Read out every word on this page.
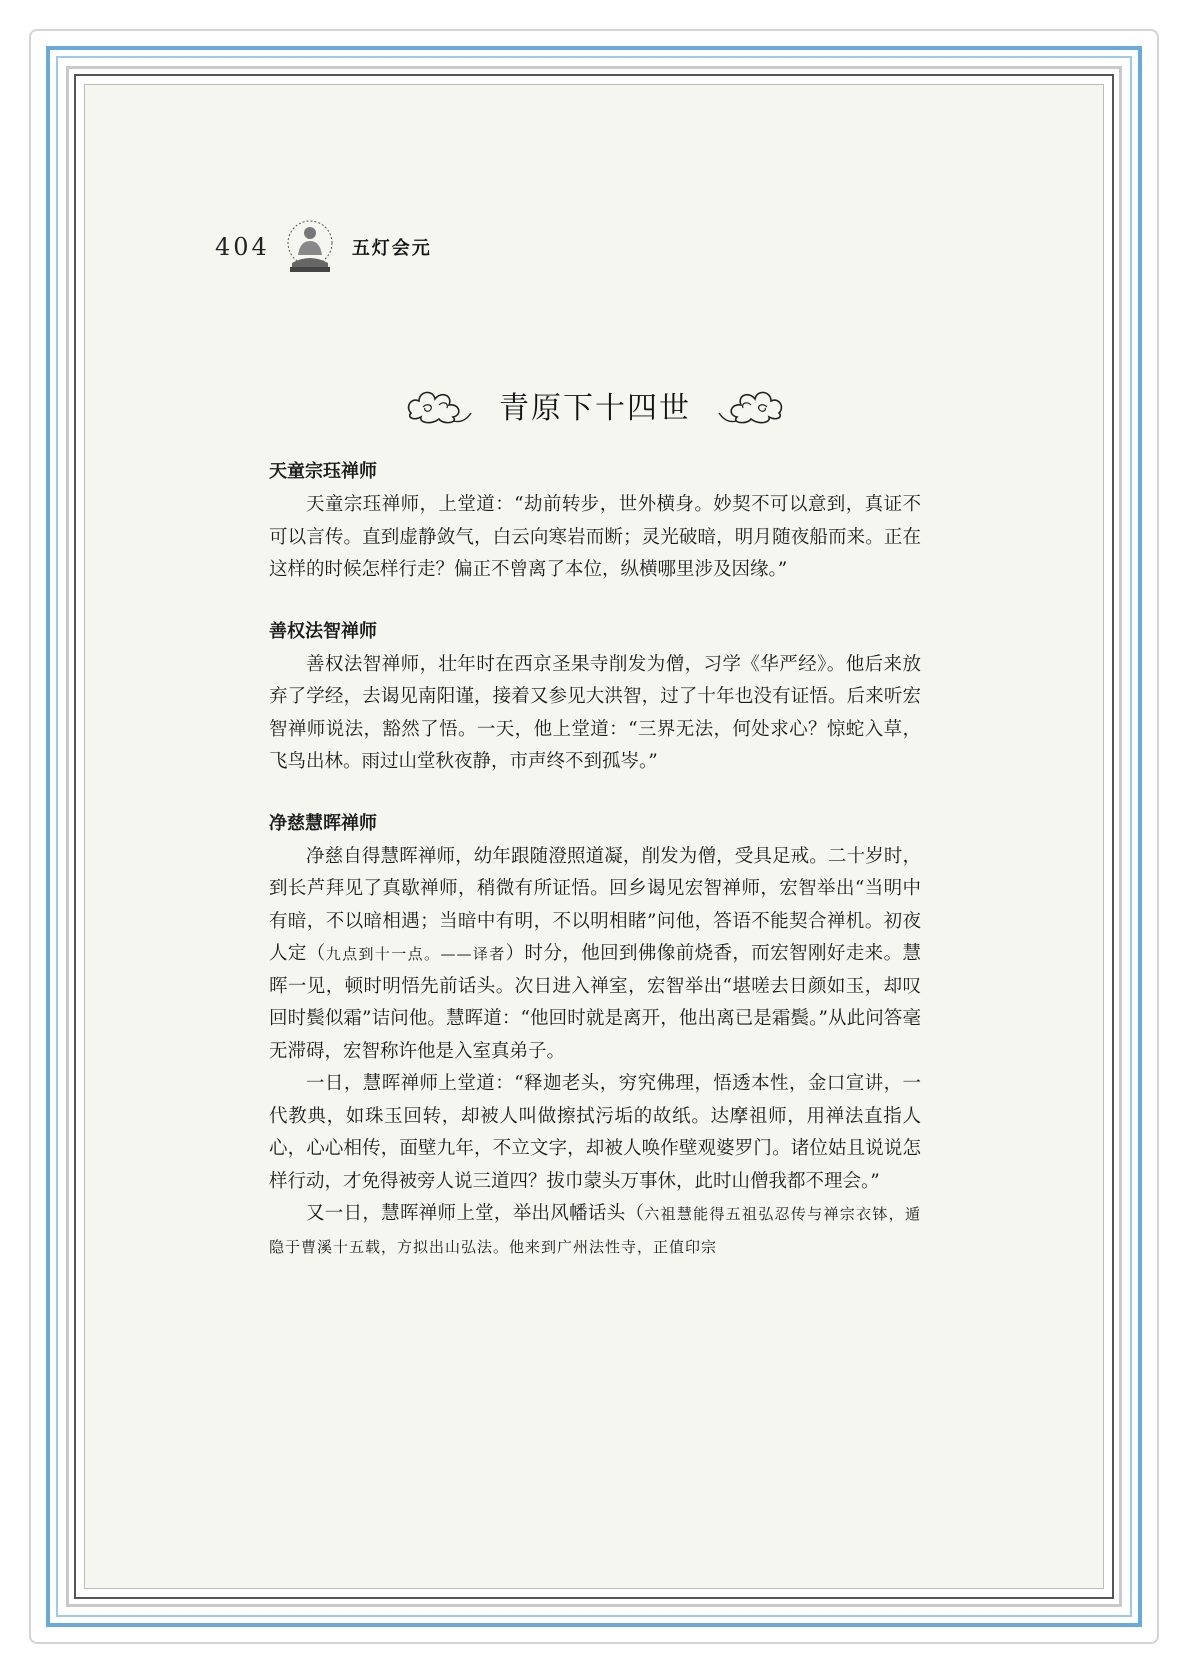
404	五灯会元
青原下十四世

天童宗珏禅师

天童宗珏禅师，上堂道：“劫前转步，世外横身。妙契不可以意到，真证不可以言传。直到虚静敛气，白云向寒岩而断；灵光破暗，明月随夜船而来。正在这样的时候怎样行走？偏正不曾离了本位，纵横哪里涉及因缘。”

善权法智禅师

善权法智禅师，壮年时在西京圣果寺削发为僧，习学《华严经》。他后来放弃了学经，去谒见南阳谨，接着又参见大洪智，过了十年也没有证悟。后来听宏智禅师说法，豁然了悟。一天，他上堂道：“三界无法，何处求心？惊蛇入草，飞鸟出林。雨过山堂秋夜静，市声终不到孤岑。”

净慈慧晖禅师

净慈自得慧晖禅师，幼年跟随澄照道凝，削发为僧，受具足戒。二十岁时，到长芦拜见了真歇禅师，稍微有所证悟。回乡谒见宏智禅师，宏智举出“当明中有暗，不以暗相遇；当暗中有明，不以明相睹”问他，答语不能契合禅机。初夜人定（九点到十一点。——译者）时分，他回到佛像前烧香，而宏智刚好走来。慧晖一见，顿时明悟先前话头。次日进入禅室，宏智举出“堪嗟去日颜如玉，却叹回时鬓似霜”诘问他。慧晖道：“他回时就是离开，他出离已是霜鬓。”从此问答毫无滞碍，宏智称许他是入室真弟子。

一日，慧晖禅师上堂道：“释迦老头，穷究佛理，悟透本性，金口宣讲，一代教典，如珠玉回转，却被人叫做擦拭污垢的故纸。达摩祖师，用禅法直指人心，心心相传，面壁九年，不立文字，却被人唤作壁观婆罗门。诸位姑且说说怎样行动，才免得被旁人说三道四？拔巾蒙头万事休，此时山僧我都不理会。”

又一日，慧晖禅师上堂，举出风幡话头（六祖慧能得五祖弘忍传与禅宗衣钵，遁隐于曹溪十五载，方拟出山弘法。他来到广州法性寺，正值印宗
